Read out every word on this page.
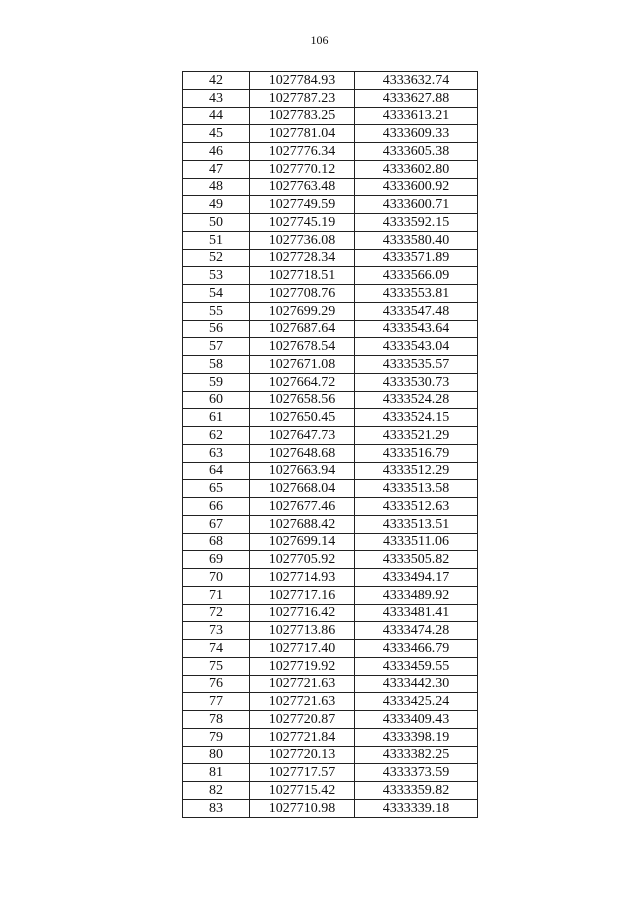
106
42	1027784.93	4333632.74
43	1027787.23	4333627.88
44	1027783.25	4333613.21
45	1027781.04	4333609.33
46	1027776.34	4333605.38
47	1027770.12	4333602.80
48	1027763.48	4333600.92
49	1027749.59	4333600.71
50	1027745.19	4333592.15
51	1027736.08	4333580.40
52	1027728.34	4333571.89
53	1027718.51	4333566.09
54	1027708.76	4333553.81
55	1027699.29	4333547.48
56	1027687.64	4333543.64
57	1027678.54	4333543.04
58	1027671.08	4333535.57
59	1027664.72	4333530.73
60	1027658.56	4333524.28
61	1027650.45	4333524.15
62	1027647.73	4333521.29
63	1027648.68	4333516.79
64	1027663.94	4333512.29
65	1027668.04	4333513.58
66	1027677.46	4333512.63
67	1027688.42	4333513.51
68	1027699.14	4333511.06
69	1027705.92	4333505.82
70	1027714.93	4333494.17
71	1027717.16	4333489.92
72	1027716.42	4333481.41
73	1027713.86	4333474.28
74	1027717.40	4333466.79
75	1027719.92	4333459.55
76	1027721.63	4333442.30
77	1027721.63	4333425.24
78	1027720.87	4333409.43
79	1027721.84	4333398.19
80	1027720.13	4333382.25
81	1027717.57	4333373.59
82	1027715.42	4333359.82
83	1027710.98	4333339.18
